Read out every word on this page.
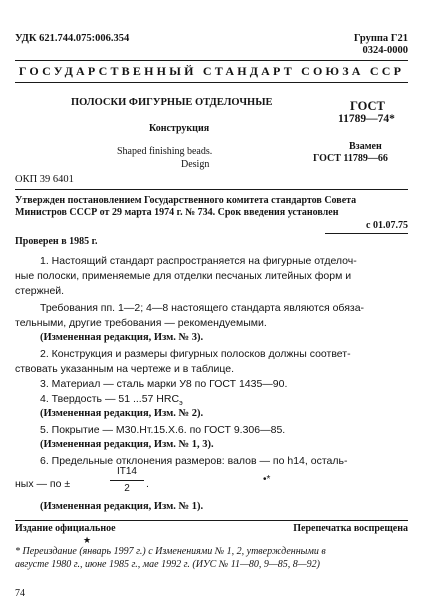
УДК 621.744.075:006.354	Группа Г21
0324-0000
ГОСУДАРСТВЕННЫЙ СТАНДАРТ СОЮЗА ССР
ПОЛОСКИ ФИГУРНЫЕ ОТДЕЛОЧНЫЕ
Конструкция
Shaped finishing beads.
Design
ГОСТ
11789—74*
Взамен
ГОСТ 11789—66
ОКП 39 6401
Утвержден постановлением Государственного комитета стандартов Совета
Министров СССР от 29 марта 1974 г. № 734. Срок введения установлен
с 01.07.75
Проверен в 1985 г.
1. Настоящий стандарт распространяется на фигурные отделоч-
ные полоски, применяемые для отделки песчаных литейных форм и
стержней.
Требования пп. 1—2; 4—8 настоящего стандарта являются обяза-
тельными, другие требования — рекомендуемыми.
(Измененная редакция, Изм. № 3).
2. Конструкция и размеры фигурных полосков должны соответ-
ствовать указанным на чертеже и в таблице.
3. Материал — сталь марки У8 по ГОСТ 1435—90.
4. Твердость — 51 ...57 $HRC_э$
(Измененная редакция, Изм. № 2).
5. Покрытие — М30.Нт.15.Х.6. по ГОСТ 9.306—85.
(Измененная редакция, Изм. № 1, 3).
6. Предельные отклонения размеров: валов — по h14, осталь-
ных — по ±
IT14
2	.	•*
(Измененная редакция, Изм. № 1).
Издание официальное	Перепечатка воспрещена
★
* Переиздание (январь 1997 г.) с Изменениями № 1, 2, утвержденными в
августе 1980 г., июне 1985 г., мае 1992 г. (ИУС № 11—80, 9—85, 8—92)
74
